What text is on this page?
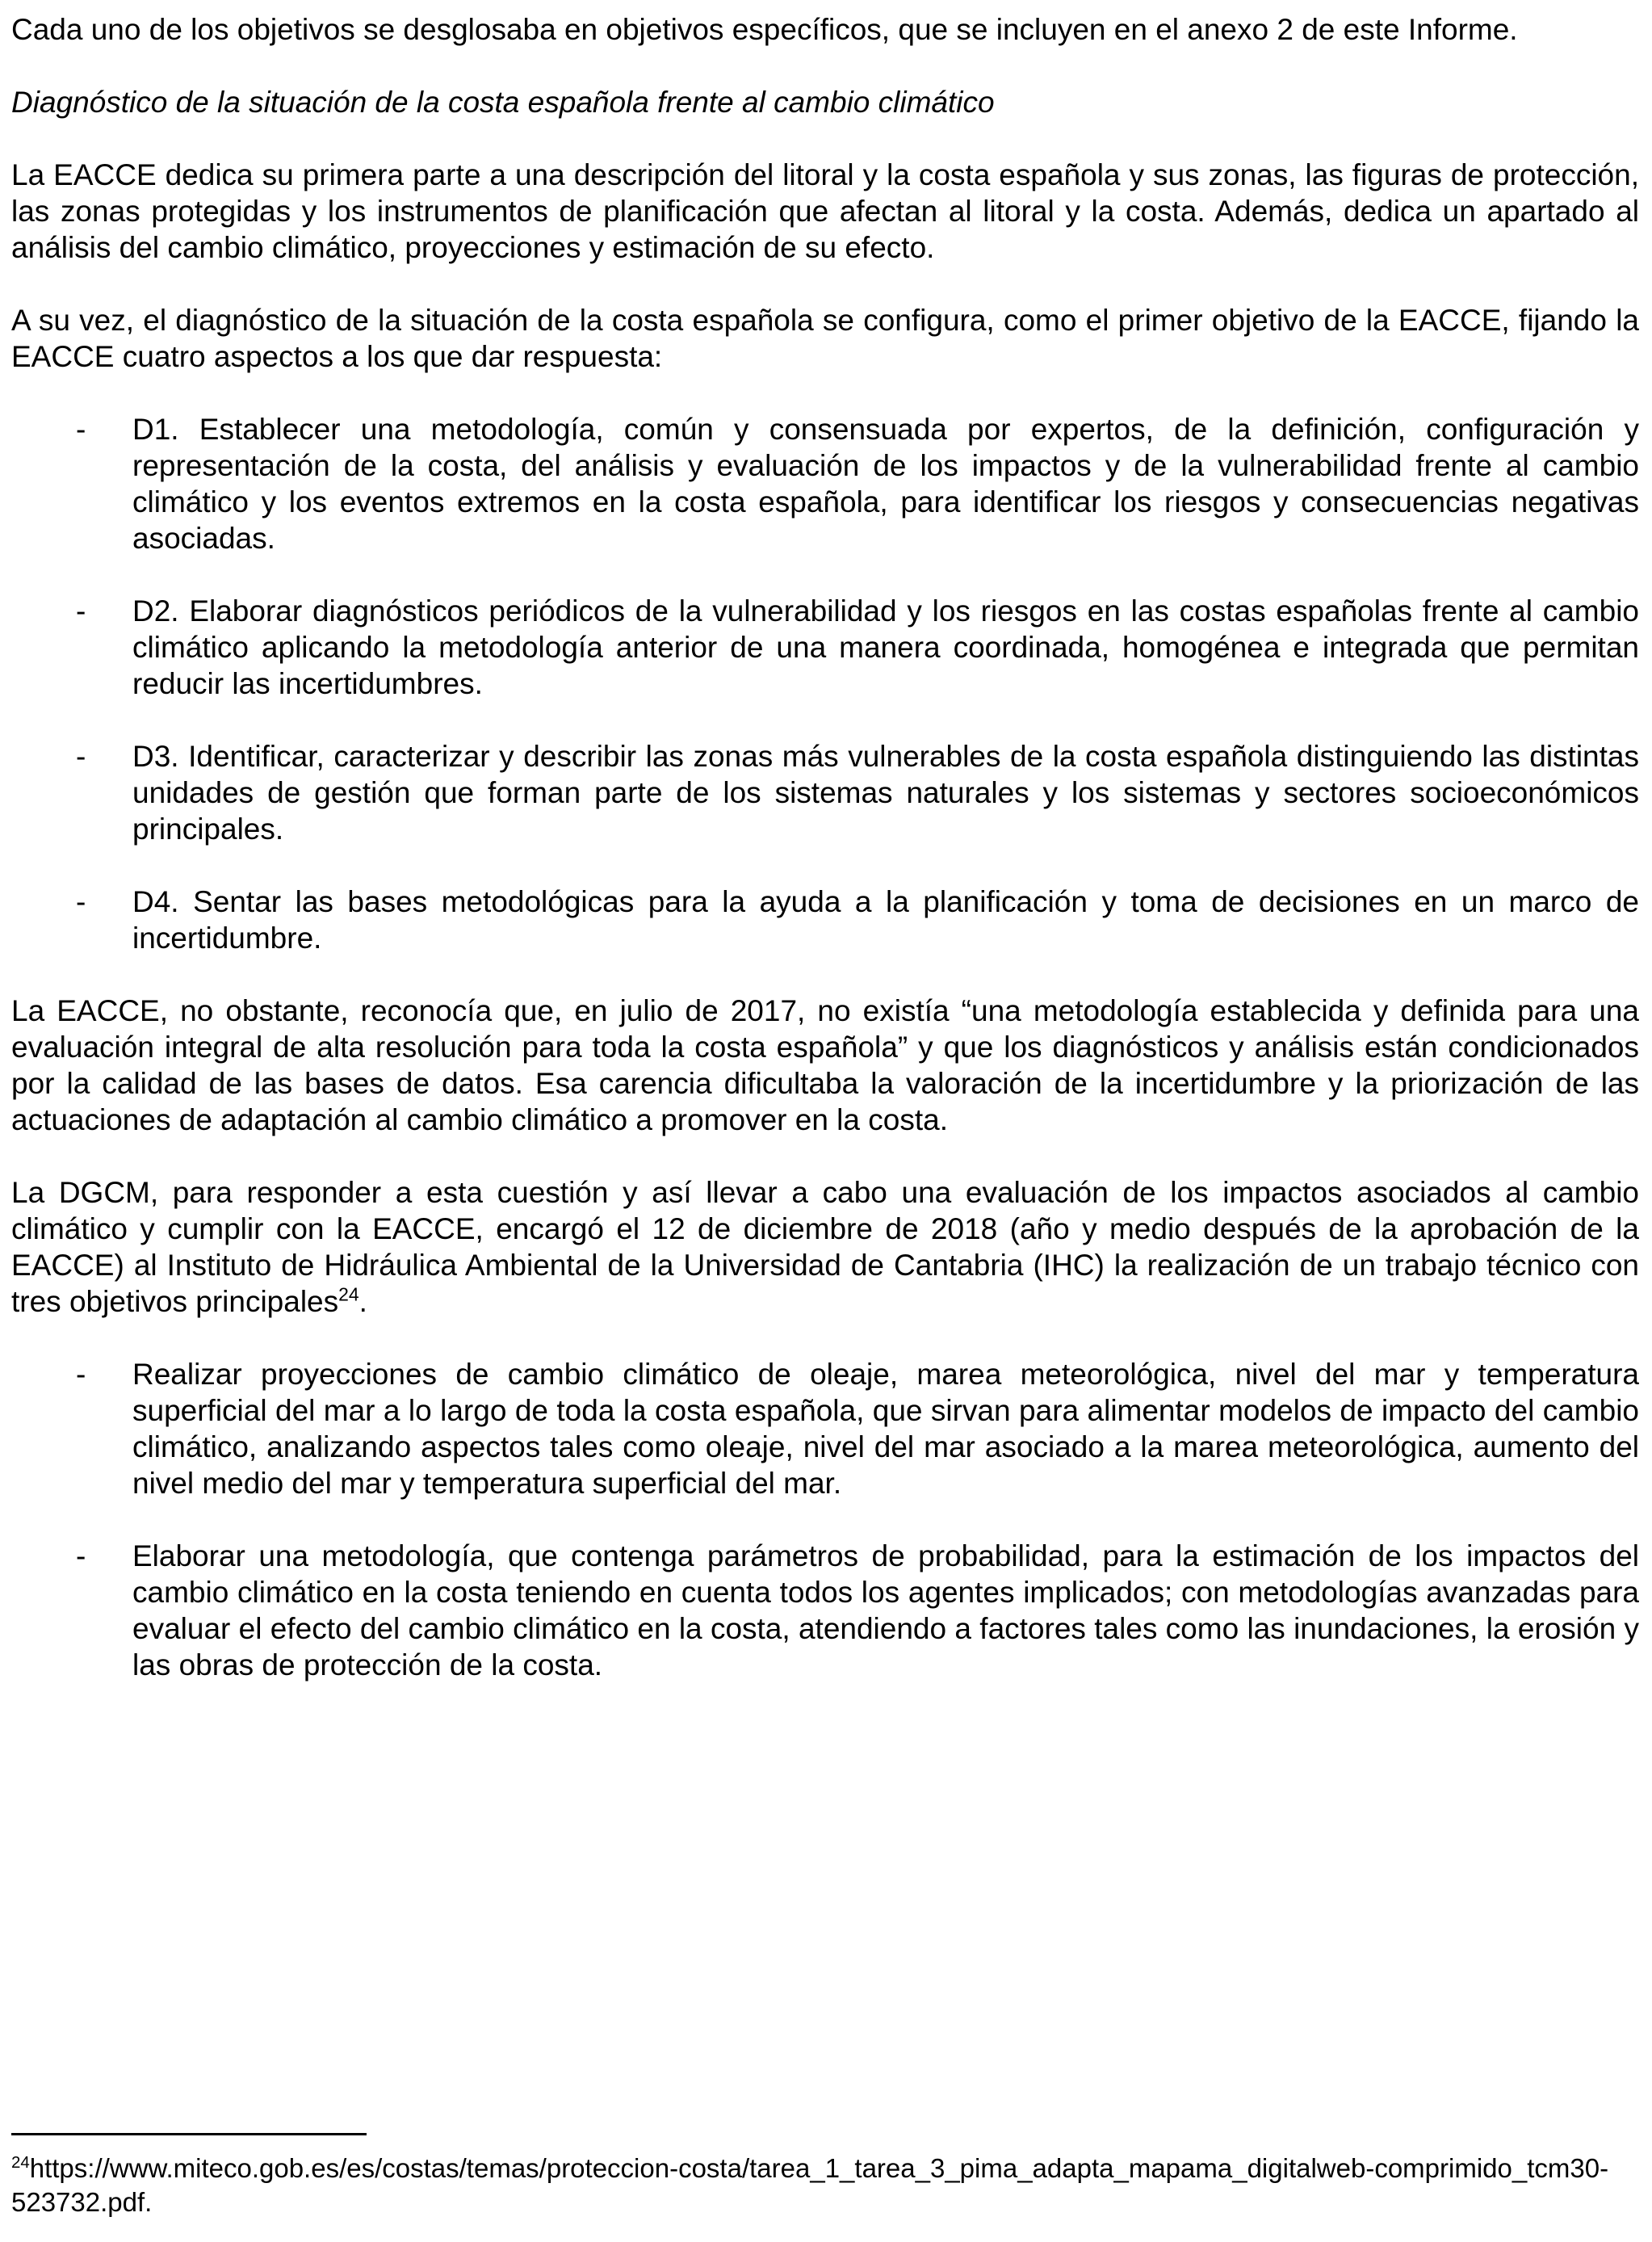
Cada uno de los objetivos se desglosaba en objetivos específicos, que se incluyen en el anexo 2 de este Informe.

Diagnóstico de la situación de la costa española frente al cambio climático

La EACCE dedica su primera parte a una descripción del litoral y la costa española y sus zonas, las figuras de protección, las zonas protegidas y los instrumentos de planificación que afectan al litoral y la costa. Además, dedica un apartado al análisis del cambio climático, proyecciones y estimación de su efecto.

A su vez, el diagnóstico de la situación de la costa española se configura, como el primer objetivo de la EACCE, fijando la EACCE cuatro aspectos a los que dar respuesta:

- D1. Establecer una metodología, común y consensuada por expertos, de la definición, configuración y representación de la costa, del análisis y evaluación de los impactos y de la vulnerabilidad frente al cambio climático y los eventos extremos en la costa española, para identificar los riesgos y consecuencias negativas asociadas.
- D2. Elaborar diagnósticos periódicos de la vulnerabilidad y los riesgos en las costas españolas frente al cambio climático aplicando la metodología anterior de una manera coordinada, homogénea e integrada que permitan reducir las incertidumbres.
- D3. Identificar, caracterizar y describir las zonas más vulnerables de la costa española distinguiendo las distintas unidades de gestión que forman parte de los sistemas naturales y los sistemas y sectores socioeconómicos principales.
- D4. Sentar las bases metodológicas para la ayuda a la planificación y toma de decisiones en un marco de incertidumbre.

La EACCE, no obstante, reconocía que, en julio de 2017, no existía “una metodología establecida y definida para una evaluación integral de alta resolución para toda la costa española” y que los diagnósticos y análisis están condicionados por la calidad de las bases de datos. Esa carencia dificultaba la valoración de la incertidumbre y la priorización de las actuaciones de adaptación al cambio climático a promover en la costa.

La DGCM, para responder a esta cuestión y así llevar a cabo una evaluación de los impactos asociados al cambio climático y cumplir con la EACCE, encargó el 12 de diciembre de 2018 (año y medio después de la aprobación de la EACCE) al Instituto de Hidráulica Ambiental de la Universidad de Cantabria (IHC) la realización de un trabajo técnico con tres objetivos principales$^{24}$.

- Realizar proyecciones de cambio climático de oleaje, marea meteorológica, nivel del mar y temperatura superficial del mar a lo largo de toda la costa española, que sirvan para alimentar modelos de impacto del cambio climático, analizando aspectos tales como oleaje, nivel del mar asociado a la marea meteorológica, aumento del nivel medio del mar y temperatura superficial del mar.
- Elaborar una metodología, que contenga parámetros de probabilidad, para la estimación de los impactos del cambio climático en la costa teniendo en cuenta todos los agentes implicados; con metodologías avanzadas para evaluar el efecto del cambio climático en la costa, atendiendo a factores tales como las inundaciones, la erosión y las obras de protección de la costa.

$^{24}$https://www.miteco.gob.es/es/costas/temas/proteccion-costa/tarea_1_tarea_3_pima_adapta_mapama_digitalweb-comprimido_tcm30-523732.pdf.
